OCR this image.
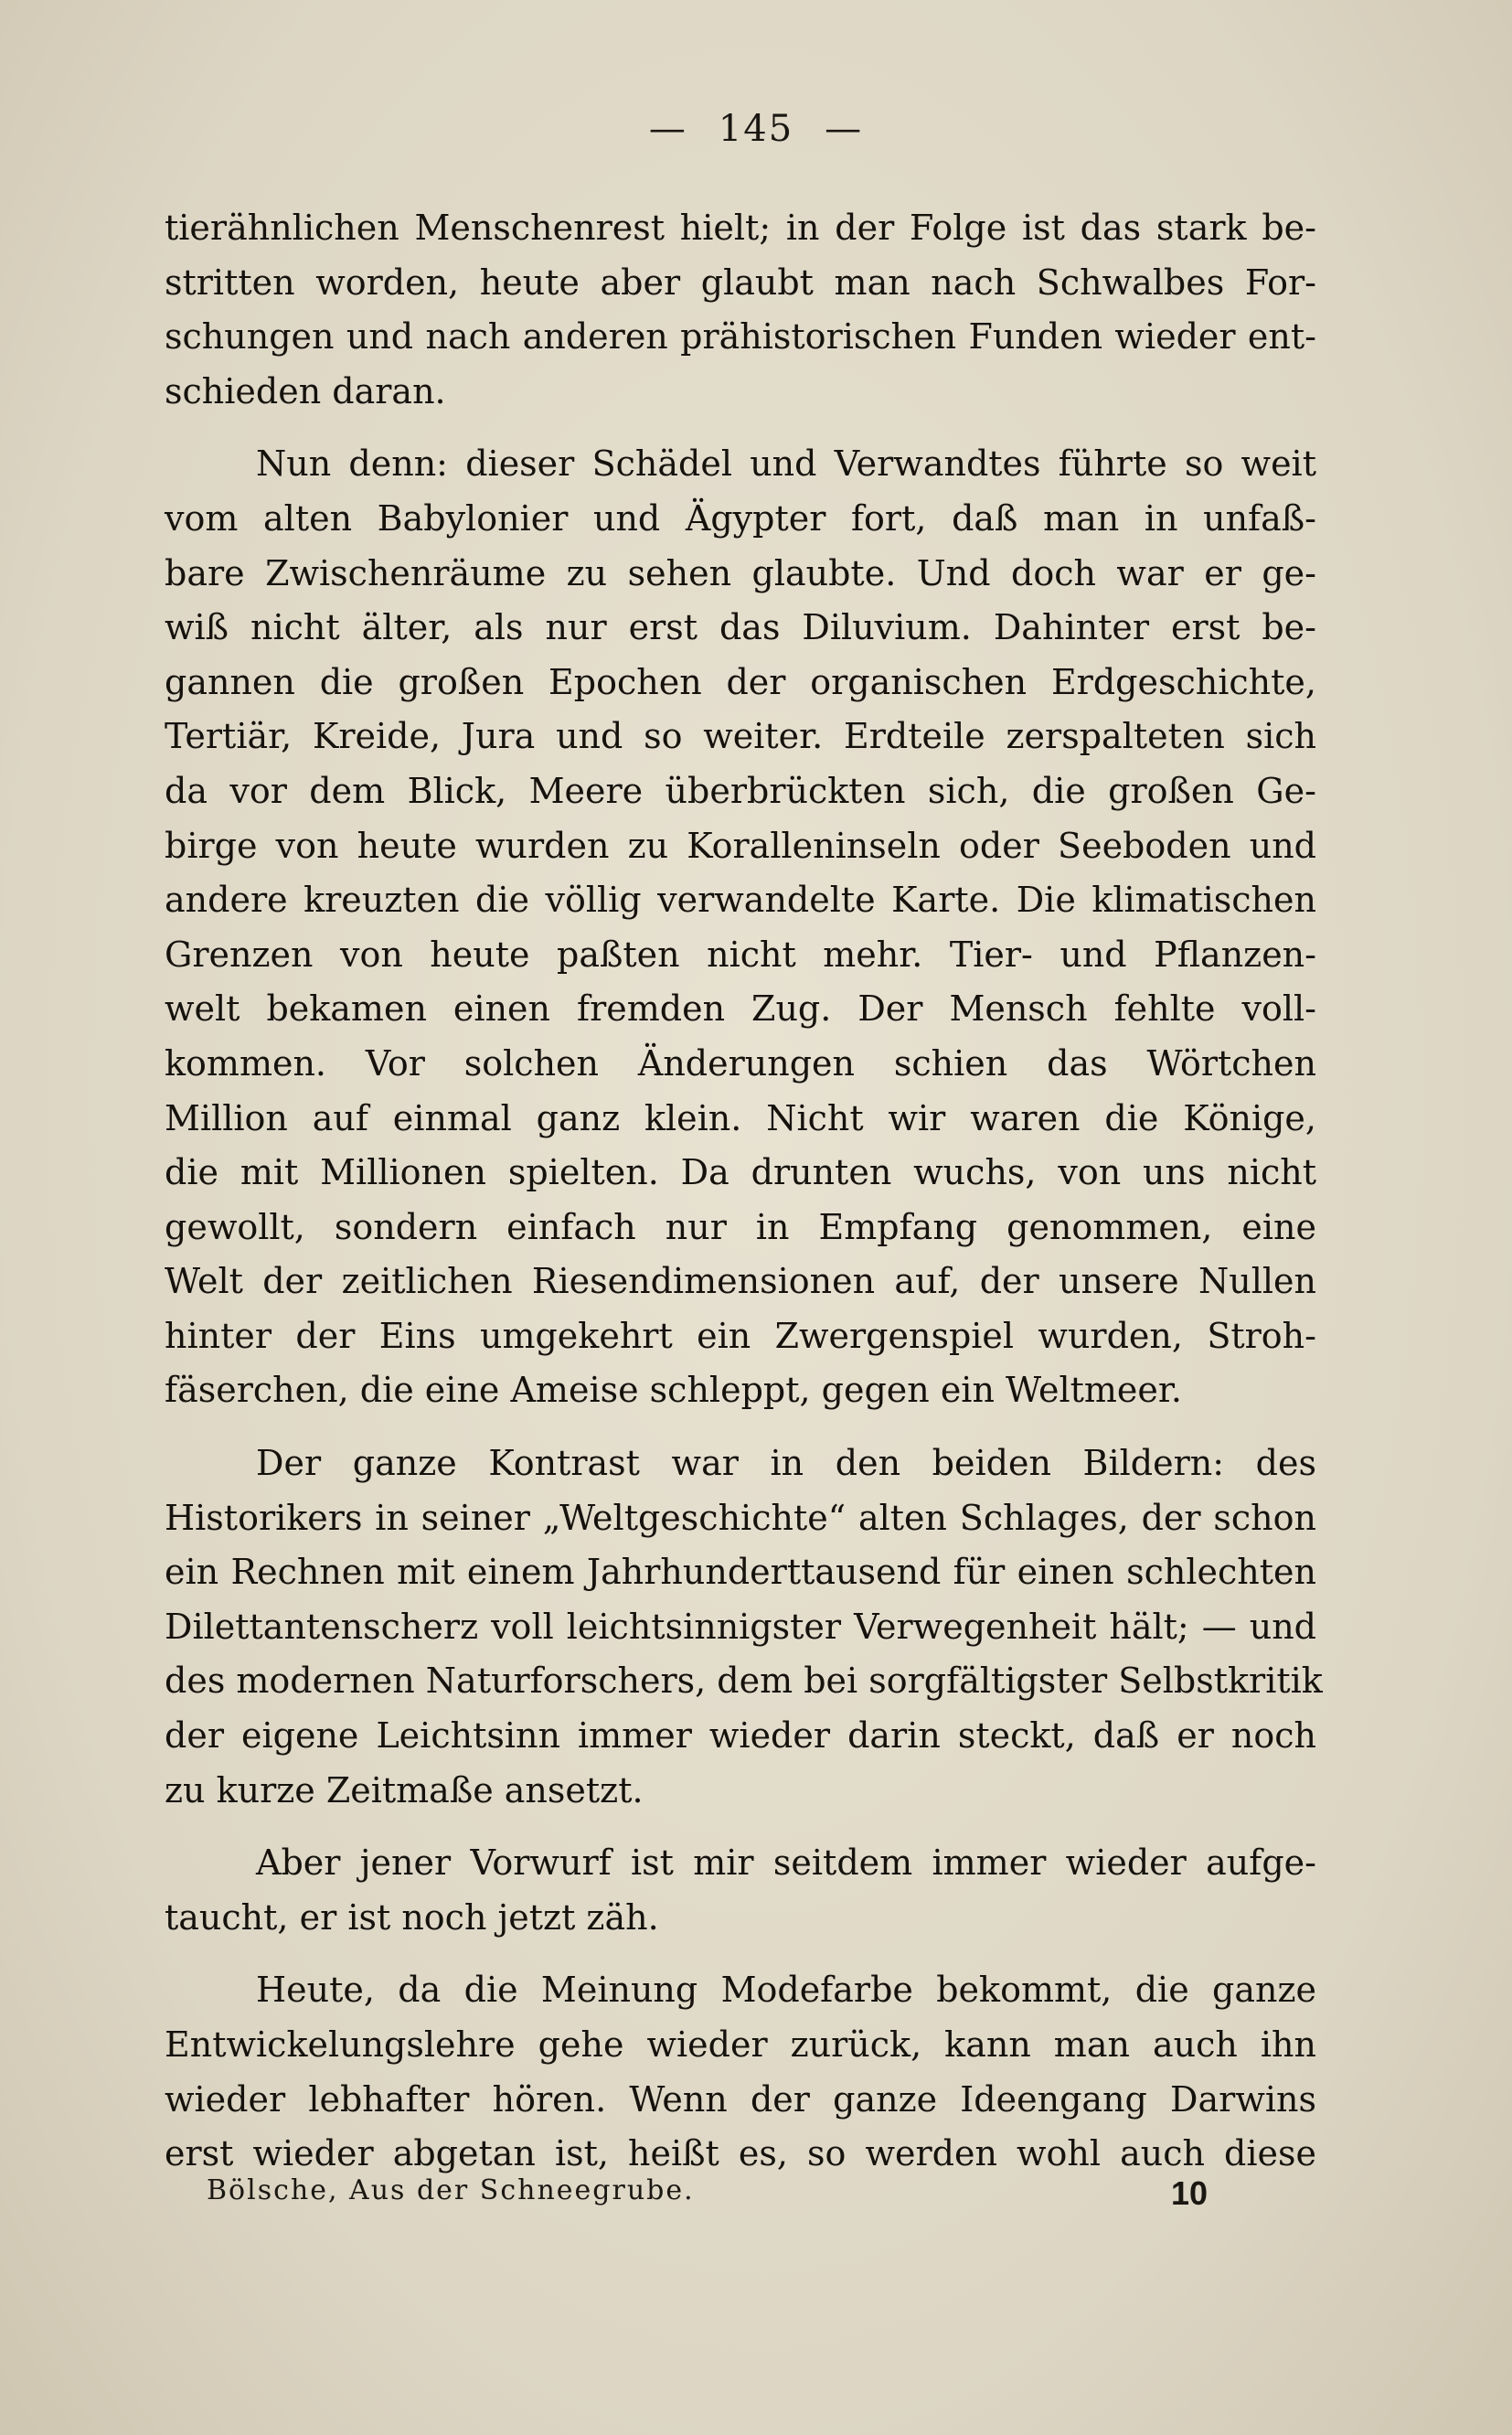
— 145 —

tierähnlichen Menschenrest hielt; in der Folge ist das stark be-
stritten worden, heute aber glaubt man nach Schwalbes For-
schungen und nach anderen prähistorischen Funden wieder ent-
schieden daran.

Nun denn: dieser Schädel und Verwandtes führte so weit
vom alten Babylonier und Ägypter fort, daß man in unfaß-
bare Zwischenräume zu sehen glaubte. Und doch war er ge-
wiß nicht älter, als nur erst das Diluvium. Dahinter erst be-
gannen die großen Epochen der organischen Erdgeschichte,
Tertiär, Kreide, Jura und so weiter. Erdteile zerspalteten sich
da vor dem Blick, Meere überbrückten sich, die großen Ge-
birge von heute wurden zu Koralleninseln oder Seeboden und
andere kreuzten die völlig verwandelte Karte. Die klimatischen
Grenzen von heute paßten nicht mehr. Tier- und Pflanzen-
welt bekamen einen fremden Zug. Der Mensch fehlte voll-
kommen. Vor solchen Änderungen schien das Wörtchen
Million auf einmal ganz klein. Nicht wir waren die Könige,
die mit Millionen spielten. Da drunten wuchs, von uns nicht
gewollt, sondern einfach nur in Empfang genommen, eine
Welt der zeitlichen Riesendimensionen auf, der unsere Nullen
hinter der Eins umgekehrt ein Zwergenspiel wurden, Stroh-
fäserchen, die eine Ameise schleppt, gegen ein Weltmeer.

Der ganze Kontrast war in den beiden Bildern: des
Historikers in seiner „Weltgeschichte“ alten Schlages, der schon
ein Rechnen mit einem Jahrhunderttausend für einen schlechten
Dilettantenscherz voll leichtsinnigster Verwegenheit hält; — und
des modernen Naturforschers, dem bei sorgfältigster Selbstkritik
der eigene Leichtsinn immer wieder darin steckt, daß er noch
zu kurze Zeitmaße ansetzt.

Aber jener Vorwurf ist mir seitdem immer wieder aufge-
taucht, er ist noch jetzt zäh.

Heute, da die Meinung Modefarbe bekommt, die ganze
Entwickelungslehre gehe wieder zurück, kann man auch ihn
wieder lebhafter hören. Wenn der ganze Ideengang Darwins
erst wieder abgetan ist, heißt es, so werden wohl auch diese

Bölsche, Aus der Schneegrube.	10
